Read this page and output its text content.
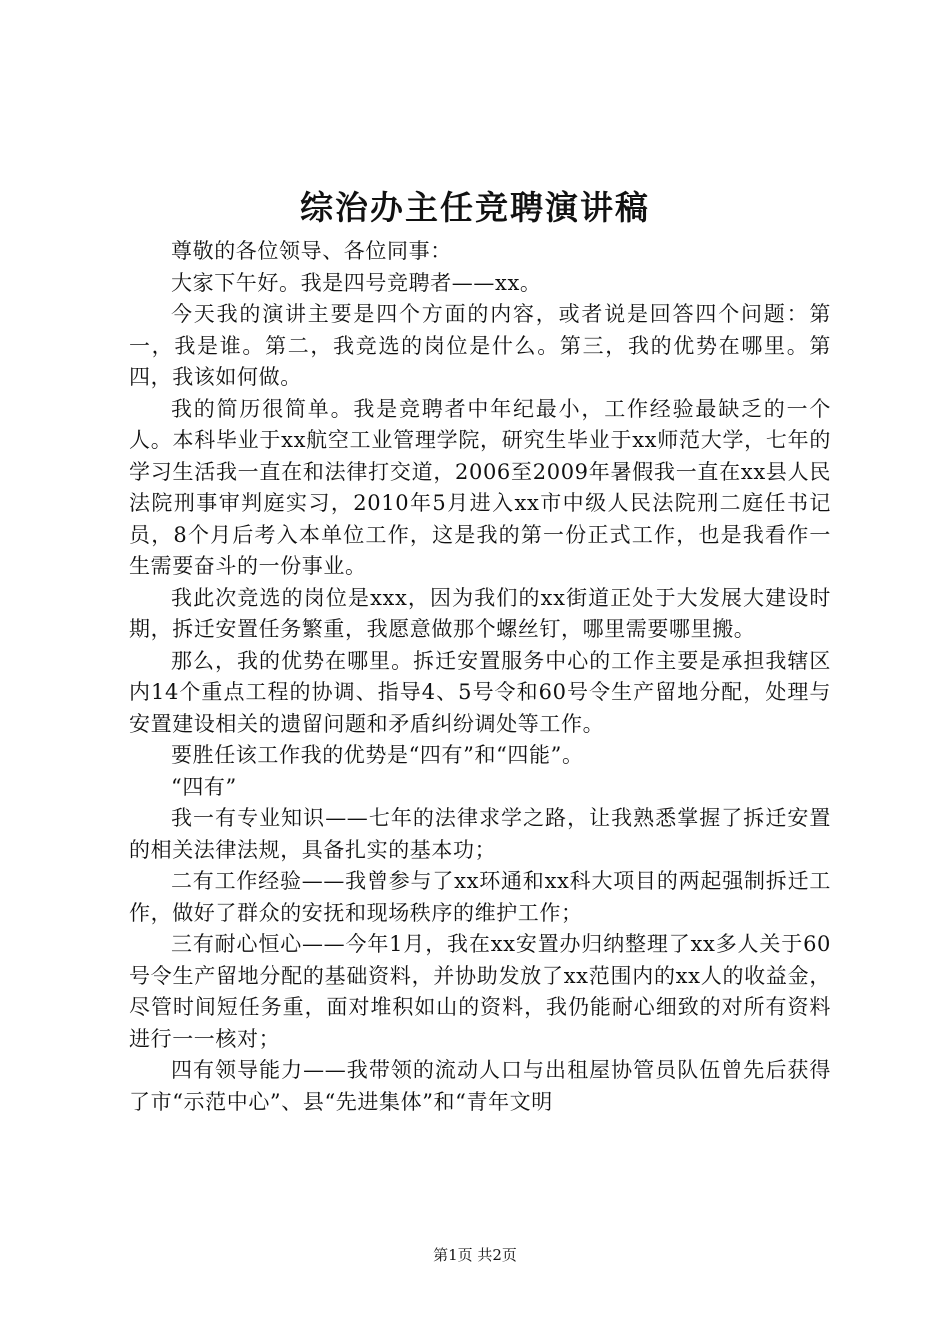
综治办主任竞聘演讲稿

尊敬的各位领导、各位同事：

大家下午好。我是四号竞聘者——xx。

今天我的演讲主要是四个方面的内容，或者说是回答四个问题：第一，我是谁。第二，我竞选的岗位是什么。第三，我的优势在哪里。第四，我该如何做。

我的简历很简单。我是竞聘者中年纪最小，工作经验最缺乏的一个人。本科毕业于xx航空工业管理学院，研究生毕业于xx师范大学，七年的学习生活我一直在和法律打交道，2006至2009年暑假我一直在xx县人民法院刑事审判庭实习，2010年5月进入xx市中级人民法院刑二庭任书记员，8个月后考入本单位工作，这是我的第一份正式工作，也是我看作一生需要奋斗的一份事业。

我此次竞选的岗位是xxx，因为我们的xx街道正处于大发展大建设时期，拆迁安置任务繁重，我愿意做那个螺丝钉，哪里需要哪里搬。

那么，我的优势在哪里。拆迁安置服务中心的工作主要是承担我辖区内14个重点工程的协调、指导4、5号令和60号令生产留地分配，处理与安置建设相关的遗留问题和矛盾纠纷调处等工作。

要胜任该工作我的优势是“四有”和“四能”。

“四有”

我一有专业知识——七年的法律求学之路，让我熟悉掌握了拆迁安置的相关法律法规，具备扎实的基本功；

二有工作经验——我曾参与了xx环通和xx科大项目的两起强制拆迁工作，做好了群众的安抚和现场秩序的维护工作；

三有耐心恒心——今年1月，我在xx安置办归纳整理了xx多人关于60号令生产留地分配的基础资料，并协助发放了xx范围内的xx人的收益金，尽管时间短任务重，面对堆积如山的资料，我仍能耐心细致的对所有资料进行一一核对；

四有领导能力——我带领的流动人口与出租屋协管员队伍曾先后获得了市“示范中心”、县“先进集体”和“青年文明

第1页 共2页
